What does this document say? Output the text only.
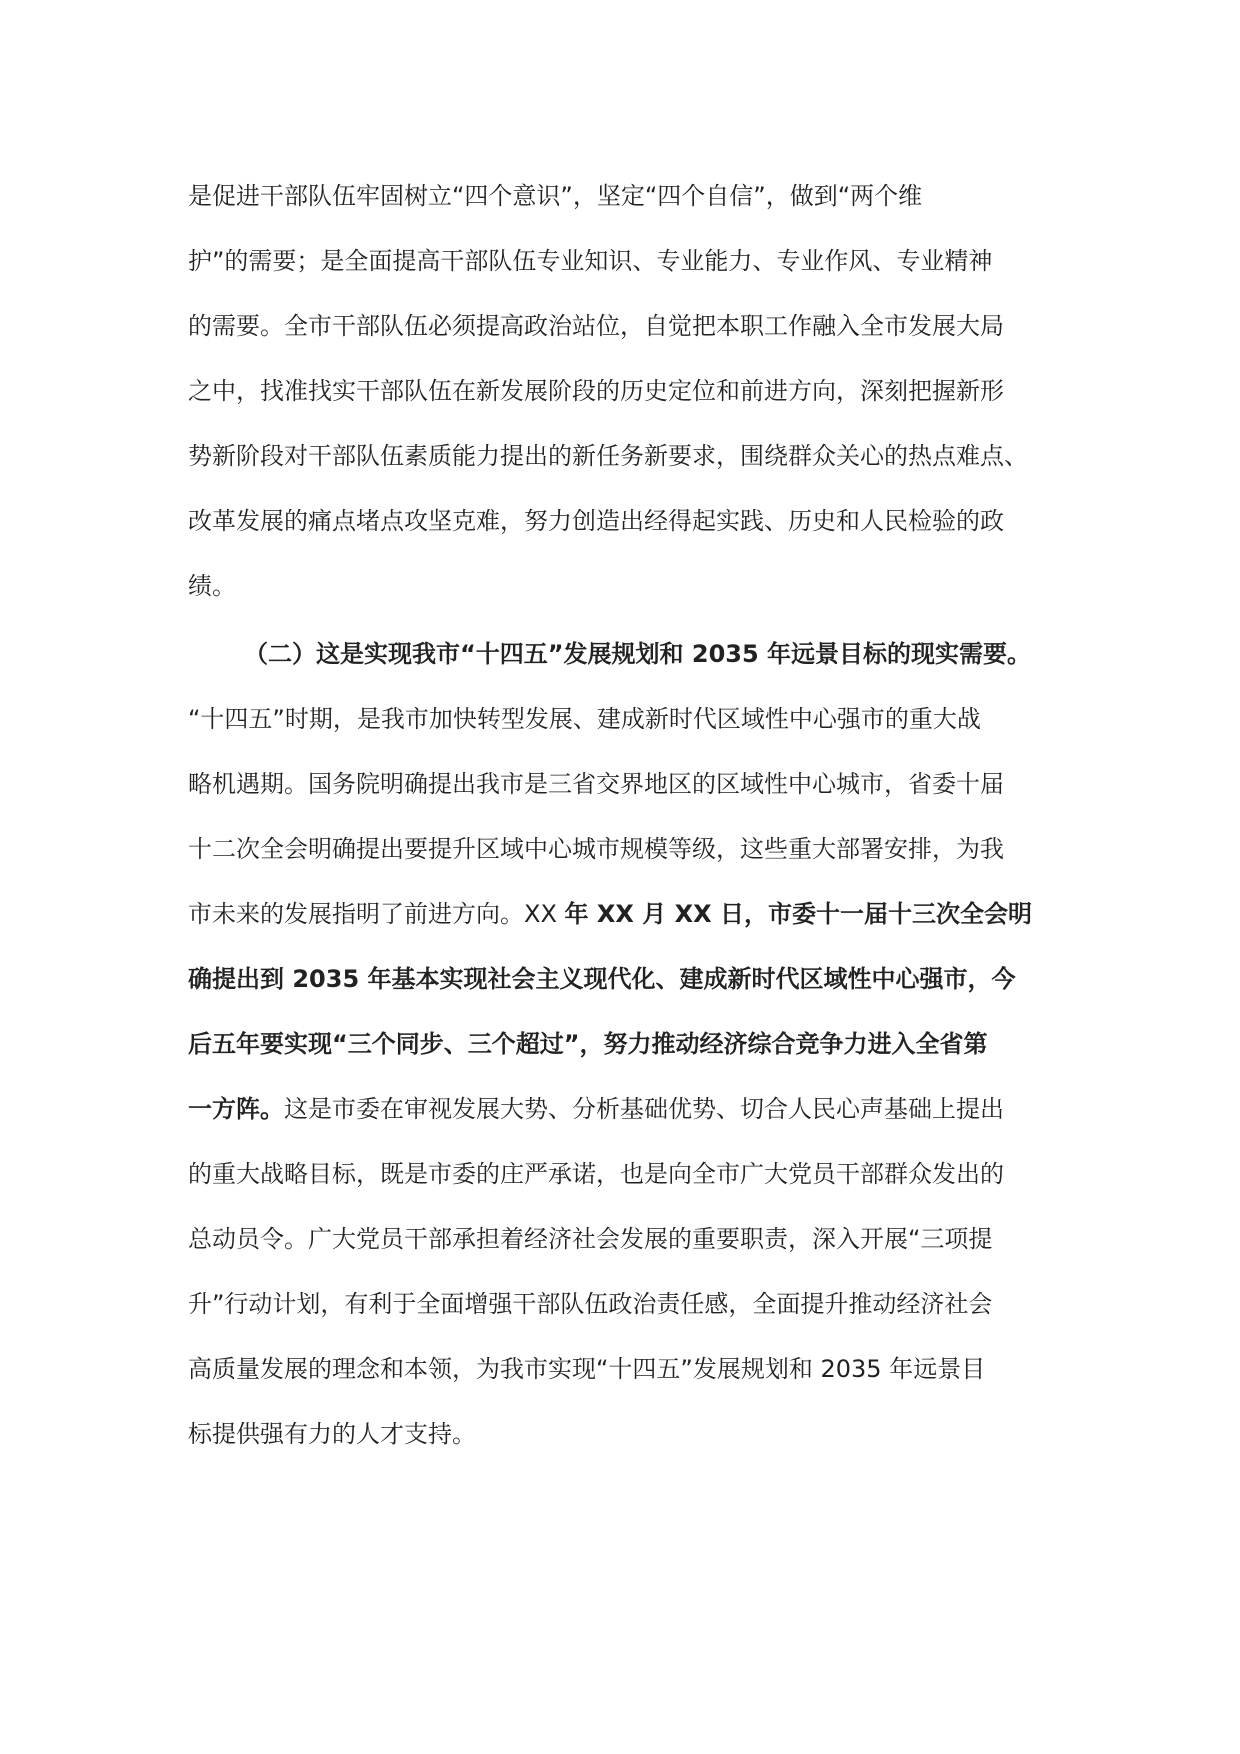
是促进干部队伍牢固树立“四个意识”，坚定“四个自信”，做到“两个维
护”的需要；是全面提高干部队伍专业知识、专业能力、专业作风、专业精神
的需要。全市干部队伍必须提高政治站位，自觉把本职工作融入全市发展大局
之中，找准找实干部队伍在新发展阶段的历史定位和前进方向，深刻把握新形
势新阶段对干部队伍素质能力提出的新任务新要求，围绕群众关心的热点难点、
改革发展的痛点堵点攻坚克难，努力创造出经得起实践、历史和人民检验的政
绩。
（二）这是实现我市“十四五”发展规划和 2035 年远景目标的现实需要。
“十四五”时期，是我市加快转型发展、建成新时代区域性中心强市的重大战
略机遇期。国务院明确提出我市是三省交界地区的区域性中心城市，省委十届
十二次全会明确提出要提升区域中心城市规模等级，这些重大部署安排，为我
市未来的发展指明了前进方向。XX 年 XX 月 XX 日，市委十一届十三次全会明
确提出到 2035 年基本实现社会主义现代化、建成新时代区域性中心强市，今
后五年要实现“三个同步、三个超过”，努力推动经济综合竞争力进入全省第
一方阵。这是市委在审视发展大势、分析基础优势、切合人民心声基础上提出
的重大战略目标，既是市委的庄严承诺，也是向全市广大党员干部群众发出的
总动员令。广大党员干部承担着经济社会发展的重要职责，深入开展“三项提
升”行动计划，有利于全面增强干部队伍政治责任感，全面提升推动经济社会
高质量发展的理念和本领，为我市实现“十四五”发展规划和 2035 年远景目
标提供强有力的人才支持。
